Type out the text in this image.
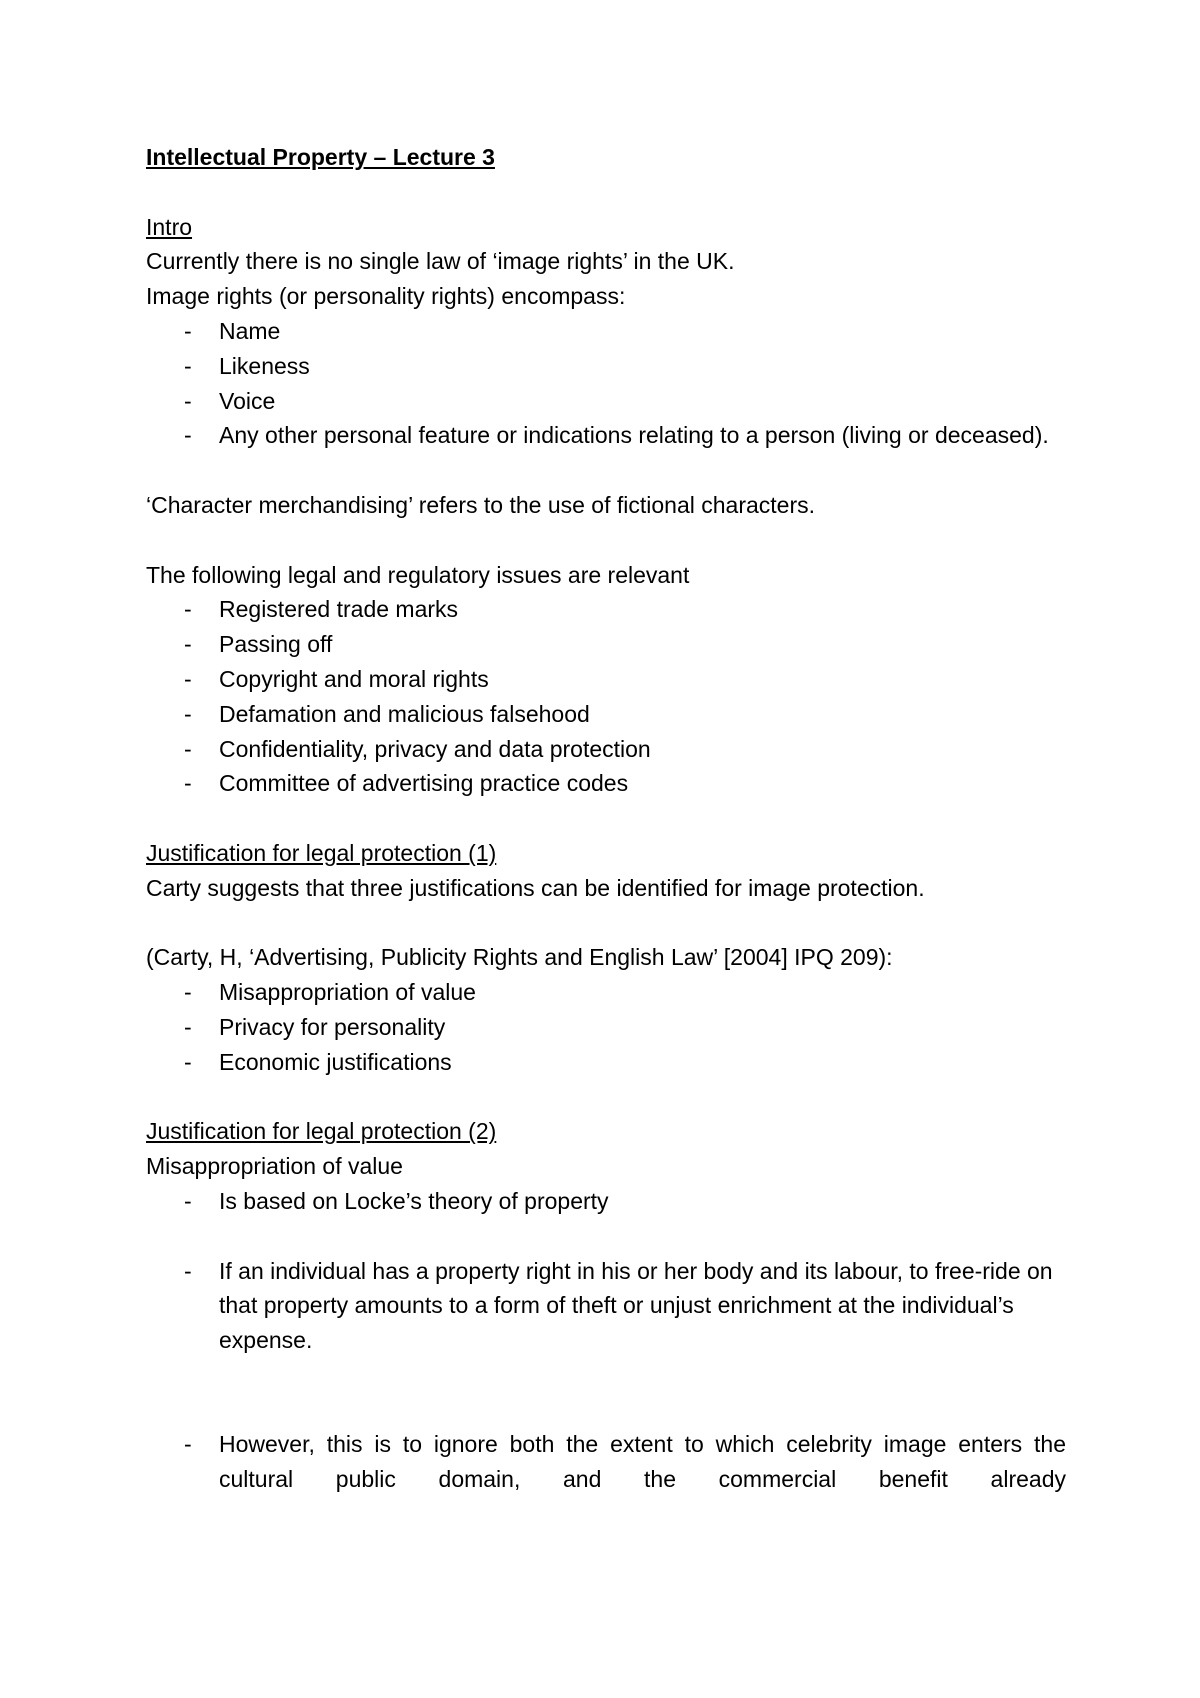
Intellectual Property – Lecture 3

Intro

Currently there is no single law of ‘image rights’ in the UK.

Image rights (or personality rights) encompass:

- Name
- Likeness
- Voice
- Any other personal feature or indications relating to a person (living or deceased).

‘Character merchandising’ refers to the use of fictional characters.

The following legal and regulatory issues are relevant

- Registered trade marks
- Passing off
- Copyright and moral rights
- Defamation and malicious falsehood
- Confidentiality, privacy and data protection
- Committee of advertising practice codes

Justification for legal protection (1)

Carty suggests that three justifications can be identified for image protection.

(Carty, H, ‘Advertising, Publicity Rights and English Law’ [2004] IPQ 209):

- Misappropriation of value
- Privacy for personality
- Economic justifications

Justification for legal protection (2)

Misappropriation of value

- Is based on Locke’s theory of property
- If an individual has a property right in his or her body and its labour, to free-ride on that property amounts to a form of theft or unjust enrichment at the individual’s expense.
- However, this is to ignore both the extent to which celebrity image enters the cultural public domain, and the commercial benefit already
